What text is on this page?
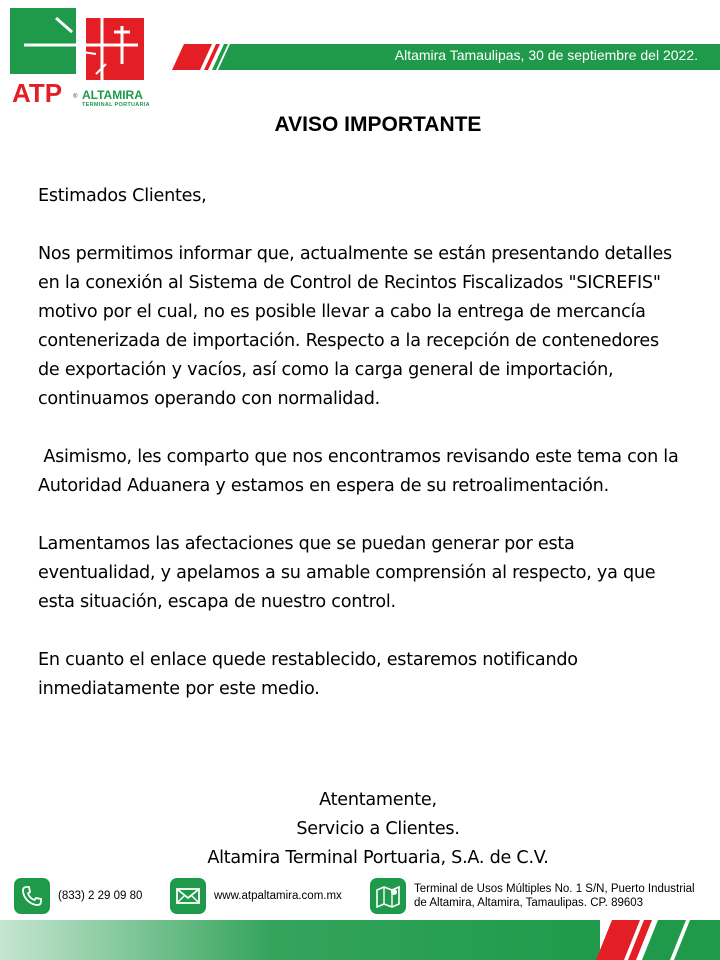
ATP ® ALTAMIRA
TERMINAL PORTUARIA
Altamira Tamaulipas, 30 de septiembre del 2022.
AVISO IMPORTANTE

Estimados Clientes,

Nos permitimos informar que, actualmente se están presentando detalles en la conexión al Sistema de Control de Recintos Fiscalizados "SICREFIS" motivo por el cual, no es posible llevar a cabo la entrega de mercancía contenerizada de importación. Respecto a la recepción de contenedores de exportación y vacíos, así como la carga general de importación, continuamos operando con normalidad.

Asimismo, les comparto que nos encontramos revisando este tema con la Autoridad Aduanera y estamos en espera de su retroalimentación.

Lamentamos las afectaciones que se puedan generar por esta eventualidad, y apelamos a su amable comprensión al respecto, ya que esta situación, escapa de nuestro control.

En cuanto el enlace quede restablecido, estaremos notificando inmediatamente por este medio.

Atentamente,
Servicio a Clientes.
Altamira Terminal Portuaria, S.A. de C.V.
(833) 2 29 09 80	www.atpaltamira.com.mx
Terminal de Usos Múltiples No. 1 S/N, Puerto Industrial
de Altamira, Altamira, Tamaulipas. CP. 89603
